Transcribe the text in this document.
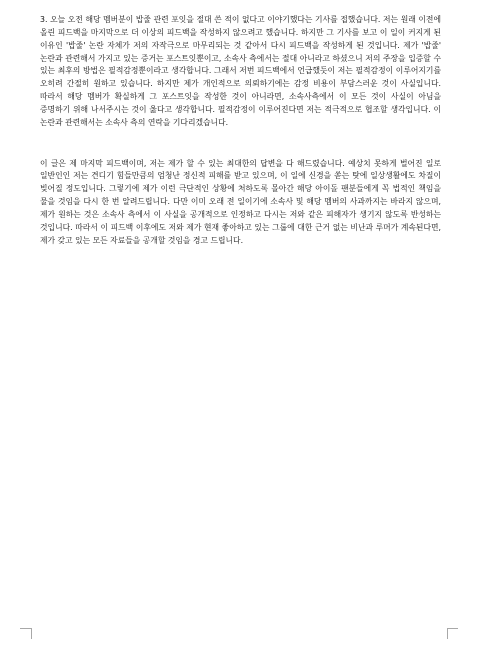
3. 오늘 오전 해당 멤버분이 밥줄 관련 포잇을 절대 쓴 적이 없다고 이야기했다는 기사를 접했습니다. 저는 원래 이전에 올린 피드백을 마지막으로 더 이상의 피드백을 작성하지 않으려고 했습니다. 하지만 그 기사를 보고 이 일이 커지게 된 이유인 '밥줄' 논란 자체가 저의 자작극으로 마무리되는 것 같아서 다시 피드백을 작성하게 된 것입니다. 제가 '밥줄' 논란과 관련해서 가지고 있는 증거는 포스트잇뿐이고, 소속사 측에서는 절대 아니라고 하셨으니 저의 주장을 입증할 수 있는 최후의 방법은 필적감정뿐이라고 생각합니다. 그래서 저번 피드백에서 언급했듯이 저는 필적감정이 이루어지기를 오히려 간절히 원하고 있습니다. 하지만 제가 개인적으로 의뢰하기에는 감정 비용이 부담스러운 것이 사실입니다. 따라서 해당 멤버가 확실하게 그 포스트잇을 작성한 것이 아니라면, 소속사측에서 이 모든 것이 사실이 아님을 증명하기 위해 나서주시는 것이 옳다고 생각합니다. 필적감정이 이루어진다면 저는 적극적으로 협조할 생각입니다. 이 논란과 관련해서는 소속사 측의 연락을 기다리겠습니다.

이 글은 제 마지막 피드백이며, 저는 제가 할 수 있는 최대한의 답변을 다 해드렸습니다. 예상치 못하게 벌어진 일로 일반인인 저는 견디기 힘들만큼의 엄청난 정신적 피해를 받고 있으며, 이 일에 신경을 쏟는 탓에 일상생활에도 차질이 빚어질 정도입니다. 그렇기에 제가 이런 극단적인 상황에 처하도록 몰아간 해당 아이돌 팬분들에게 꼭 법적인 책임을 물을 것임을 다시 한 번 알려드립니다. 다만 이미 오래 전 일이기에 소속사 및 해당 멤버의 사과까지는 바라지 않으며, 제가 원하는 것은 소속사 측에서 이 사실을 공개적으로 인정하고 다시는 저와 같은 피해자가 생기지 않도록 반성하는 것입니다. 따라서 이 피드백 이후에도 저와 제가 현재 좋아하고 있는 그룹에 대한 근거 없는 비난과 루머가 계속된다면, 제가 갖고 있는 모든 자료들을 공개할 것임을 경고 드립니다.
